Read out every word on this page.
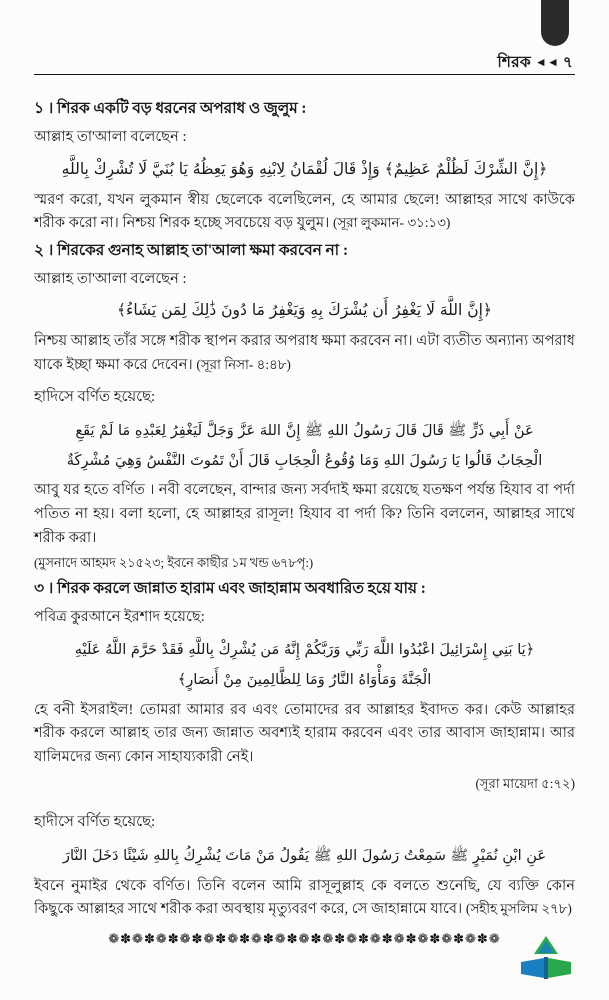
শিরক ◄◄ ৭

১ । শিরক একটি বড় ধরনের অপরাধ ও জুলুম :

আল্লাহ তা'আলা বলেছেন :

﴿إِنَّ الشِّرْكَ لَظُلْمٌ عَظِيمٌ﴾ وَإِذْ قَالَ لُقْمَانُ لِابْنِهِ وَهُوَ يَعِظُهُ يَا بُنَيَّ لَا تُشْرِكْ بِاللَّهِ

স্মরণ করো, যখন লুকমান স্বীয় ছেলেকে বলেছিলেন, হে আমার ছেলে! আল্লাহর সাথে কাউকে শরীক করো না। নিশ্চয় শিরক হচ্ছে সবচেয়ে বড় যুলুম। (সূরা লুকমান- ৩১:১৩)

২ । শিরকের গুনাহ আল্লাহ তা'আলা ক্ষমা করবেন না :

আল্লাহ তা'আলা বলেছেন :

﴿إِنَّ اللَّهَ لَا يَغْفِرُ أَن يُشْرَكَ بِهِ وَيَغْفِرُ مَا دُونَ ذَٰلِكَ لِمَن يَشَاءُ﴾

নিশ্চয় আল্লাহ তাঁর সঙ্গে শরীক স্থাপন করার অপরাধ ক্ষমা করবেন না। এটা ব্যতীত অন্যান্য অপরাধ যাকে ইচ্ছা ক্ষমা করে দেবেন। (সূরা নিসা- ৪:৪৮)

হাদিসে বর্ণিত হয়েছে:

عَنْ أَبِي ذَرٍّ ﷺ قَالَ قَالَ رَسُولُ اللهِ ﷺ إِنَّ اللهَ عَزَّ وَجَلَّ لَيَغْفِرُ لِعَبْدِهِ مَا لَمْ يَقَعِ
الْحِجَابُ قَالُوا يَا رَسُولَ اللهِ وَمَا وُقُوعُ الْحِجَابِ قَالَ أَنْ تَمُوتَ النَّفْسُ وَهِيَ مُشْرِكَةٌ

আবু যর হতে বর্ণিত । নবী বলেছেন, বান্দার জন্য সর্বদাই ক্ষমা রয়েছে যতক্ষণ পর্যন্ত হিযাব বা পর্দা পতিত না হয়। বলা হলো, হে আল্লাহর রাসূল! হিযাব বা পর্দা কি? তিনি বললেন, আল্লাহর সাথে শরীক করা।

(মুসনাদে আহমদ ২১৫২৩; ইবনে কাছীর ১ম খন্ড ৬৭৮পৃ:)

৩ । শিরক করলে জান্নাত হারাম এবং জাহান্নাম অবধারিত হয়ে যায় :

পবিত্র কুরআনে ইরশাদ হয়েছে:

﴿يَا بَنِي إِسْرَائِيلَ اعْبُدُوا اللَّهَ رَبِّي وَرَبَّكُمْ إِنَّهُ مَن يُشْرِكْ بِاللَّهِ فَقَدْ حَرَّمَ اللَّهُ عَلَيْهِ
الْجَنَّةَ وَمَأْوَاهُ النَّارُ وَمَا لِلظَّالِمِينَ مِنْ أَنصَارٍ﴾

হে বনী ইসরাইল! তোমরা আমার রব এবং তোমাদের রব আল্লাহর ইবাদত কর। কেউ আল্লাহর শরীক করলে আল্লাহ তার জন্য জান্নাত অবশ্যই হারাম করবেন এবং তার আবাস জাহান্নাম। আর যালিমদের জন্য কোন সাহায্যকারী নেই।

(সূরা মায়েদা ৫:৭২)

হাদীসে বর্ণিত হয়েছে:

عَنِ ابْنِ نُمَيْرٍ ﷺ سَمِعْتُ رَسُولَ اللهِ ﷺ يَقُولُ مَنْ مَاتَ يُشْرِكُ بِاللهِ شَيْئًا دَخَلَ النَّارَ

ইবনে নুমাইর থেকে বর্ণিত। তিনি বলেন আমি রাসূলুল্লাহ কে বলতে শুনেছি, যে ব্যক্তি কোন কিছুকে আল্লাহর সাথে শরীক করা অবস্থায় মৃত্যুবরণ করে, সে জাহান্নামে যাবে। (সহীহ মুসলিম ২৭৮)

❁✽❁✽❁✽❁✽❁✽❁✽❁✽❁✽❁✽❁✽❁✽❁✽❁✽❁✽❁✽❁✽❁
